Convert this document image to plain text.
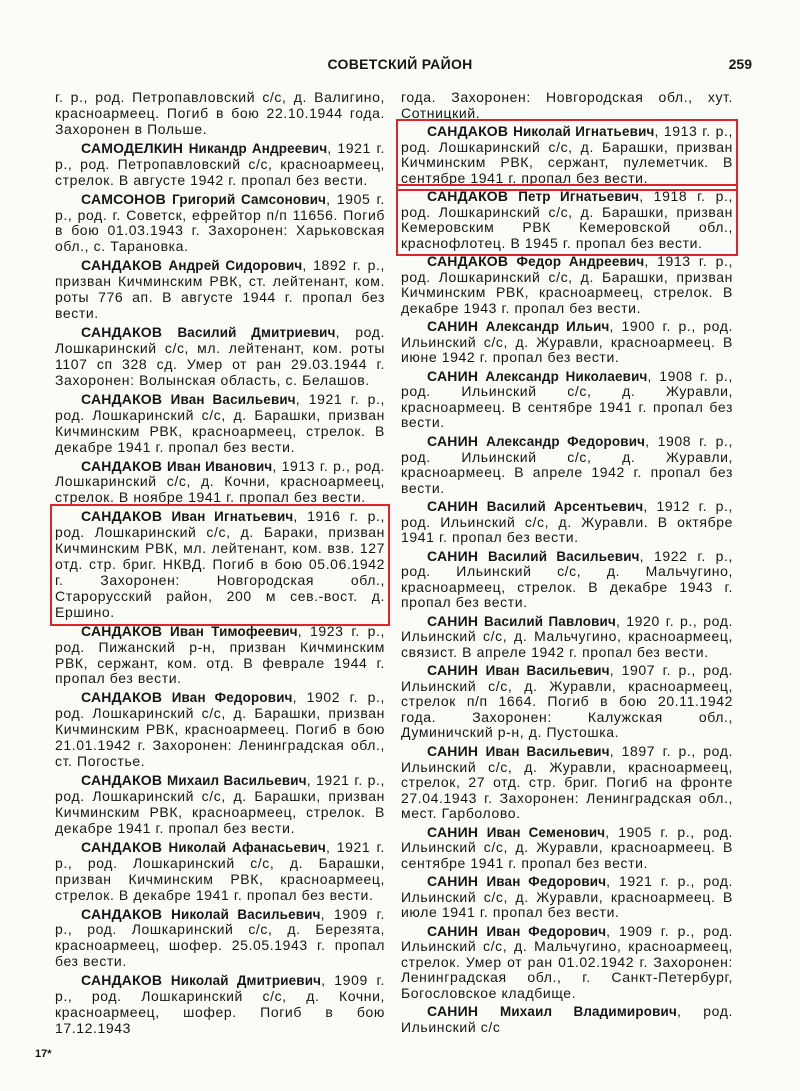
СОВЕТСКИЙ РАЙОН	259

г. р., род. Петропавловский с/с, д. Валигино, красноармеец. Погиб в бою 22.10.1944 года. Захоронен в Польше.

САМОДЕЛКИН Никандр Андреевич, 1921 г. р., род. Петропавловский с/с, красноармеец, стрелок. В августе 1942 г. пропал без вести.

САМСОНОВ Григорий Самсонович, 1905 г. р., род. г. Советск, ефрейтор п/п 11656. Погиб в бою 01.03.1943 г. Захоронен: Харьковская обл., с. Тарановка.

САНДАКОВ Андрей Сидорович, 1892 г. р., призван Кичминским РВК, ст. лейтенант, ком. роты 776 ап. В августе 1944 г. пропал без вести.

САНДАКОВ Василий Дмитриевич, род. Лошкаринский с/с, мл. лейтенант, ком. роты 1107 сп 328 сд. Умер от ран 29.03.1944 г. Захоронен: Волынская область, с. Белашов.

САНДАКОВ Иван Васильевич, 1921 г. р., род. Лошкаринский с/с, д. Барашки, призван Кичминским РВК, красноармеец, стрелок. В декабре 1941 г. пропал без вести.

САНДАКОВ Иван Иванович, 1913 г. р., род. Лошкаринский с/с, д. Кочни, красноармеец, стрелок. В ноябре 1941 г. пропал без вести.

САНДАКОВ Иван Игнатьевич, 1916 г. р., род. Лошкаринский с/с, д. Бараки, призван Кичминским РВК, мл. лейтенант, ком. взв. 127 отд. стр. бриг. НКВД. Погиб в бою 05.06.1942 г. Захоронен: Новгородская обл., Старорусский район, 200 м сев.-вост. д. Ершино.

САНДАКОВ Иван Тимофеевич, 1923 г. р., род. Пижанский р-н, призван Кичминским РВК, сержант, ком. отд. В феврале 1944 г. пропал без вести.

САНДАКОВ Иван Федорович, 1902 г. р., род. Лошкаринский с/с, д. Барашки, призван Кичминским РВК, красноармеец. Погиб в бою 21.01.1942 г. Захоронен: Ленинградская обл., ст. Погостье.

САНДАКОВ Михаил Васильевич, 1921 г. р., род. Лошкаринский с/с, д. Барашки, призван Кичминским РВК, красноармеец, стрелок. В декабре 1941 г. пропал без вести.

САНДАКОВ Николай Афанасьевич, 1921 г. р., род. Лошкаринский с/с, д. Барашки, призван Кичминским РВК, красноармеец, стрелок. В декабре 1941 г. пропал без вести.

САНДАКОВ Николай Васильевич, 1909 г. р., род. Лошкаринский с/с, д. Березята, красноармеец, шофер. 25.05.1943 г. пропал без вести.

САНДАКОВ Николай Дмитриевич, 1909 г. р., род. Лошкаринский с/с, д. Кочни, красноармеец, шофер. Погиб в бою 17.12.1943

года. Захоронен: Новгородская обл., хут. Сотницкий.

САНДАКОВ Николай Игнатьевич, 1913 г. р., род. Лошкаринский с/с, д. Барашки, призван Кичминским РВК, сержант, пулеметчик. В сентябре 1941 г. пропал без вести.

САНДАКОВ Петр Игнатьевич, 1918 г. р., род. Лошкаринский с/с, д. Барашки, призван Кемеровским РВК Кемеровской обл., краснофлотец. В 1945 г. пропал без вести.

САНДАКОВ Федор Андреевич, 1913 г. р., род. Лошкаринский с/с, д. Барашки, призван Кичминским РВК, красноармеец, стрелок. В декабре 1943 г. пропал без вести.

САНИН Александр Ильич, 1900 г. р., род. Ильинский с/с, д. Журавли, красноармеец. В июне 1942 г. пропал без вести.

САНИН Александр Николаевич, 1908 г. р., род. Ильинский с/с, д. Журавли, красноармеец. В сентябре 1941 г. пропал без вести.

САНИН Александр Федорович, 1908 г. р., род. Ильинский с/с, д. Журавли, красноармеец. В апреле 1942 г. пропал без вести.

САНИН Василий Арсентьевич, 1912 г. р., род. Ильинский с/с, д. Журавли. В октябре 1941 г. пропал без вести.

САНИН Василий Васильевич, 1922 г. р., род. Ильинский с/с, д. Мальчугино, красноармеец, стрелок. В декабре 1943 г. пропал без вести.

САНИН Василий Павлович, 1920 г. р., род. Ильинский с/с, д. Мальчугино, красноармеец, связист. В апреле 1942 г. пропал без вести.

САНИН Иван Васильевич, 1907 г. р., род. Ильинский с/с, д. Журавли, красноармеец, стрелок п/п 1664. Погиб в бою 20.11.1942 года. Захоронен: Калужская обл., Думиничский р-н, д. Пустошка.

САНИН Иван Васильевич, 1897 г. р., род. Ильинский с/с, д. Журавли, красноармеец, стрелок, 27 отд. стр. бриг. Погиб на фронте 27.04.1943 г. Захоронен: Ленинградская обл., мест. Гарболово.

САНИН Иван Семенович, 1905 г. р., род. Ильинский с/с, д. Журавли, красноармеец. В сентябре 1941 г. пропал без вести.

САНИН Иван Федорович, 1921 г. р., род. Ильинский с/с, д. Журавли, красноармеец. В июле 1941 г. пропал без вести.

САНИН Иван Федорович, 1909 г. р., род. Ильинский с/с, д. Мальчугино, красноармеец, стрелок. Умер от ран 01.02.1942 г. Захоронен: Ленинградская обл., г. Санкт-Петербург, Богословское кладбище.

САНИН Михаил Владимирович, род. Ильинский с/с

17*
